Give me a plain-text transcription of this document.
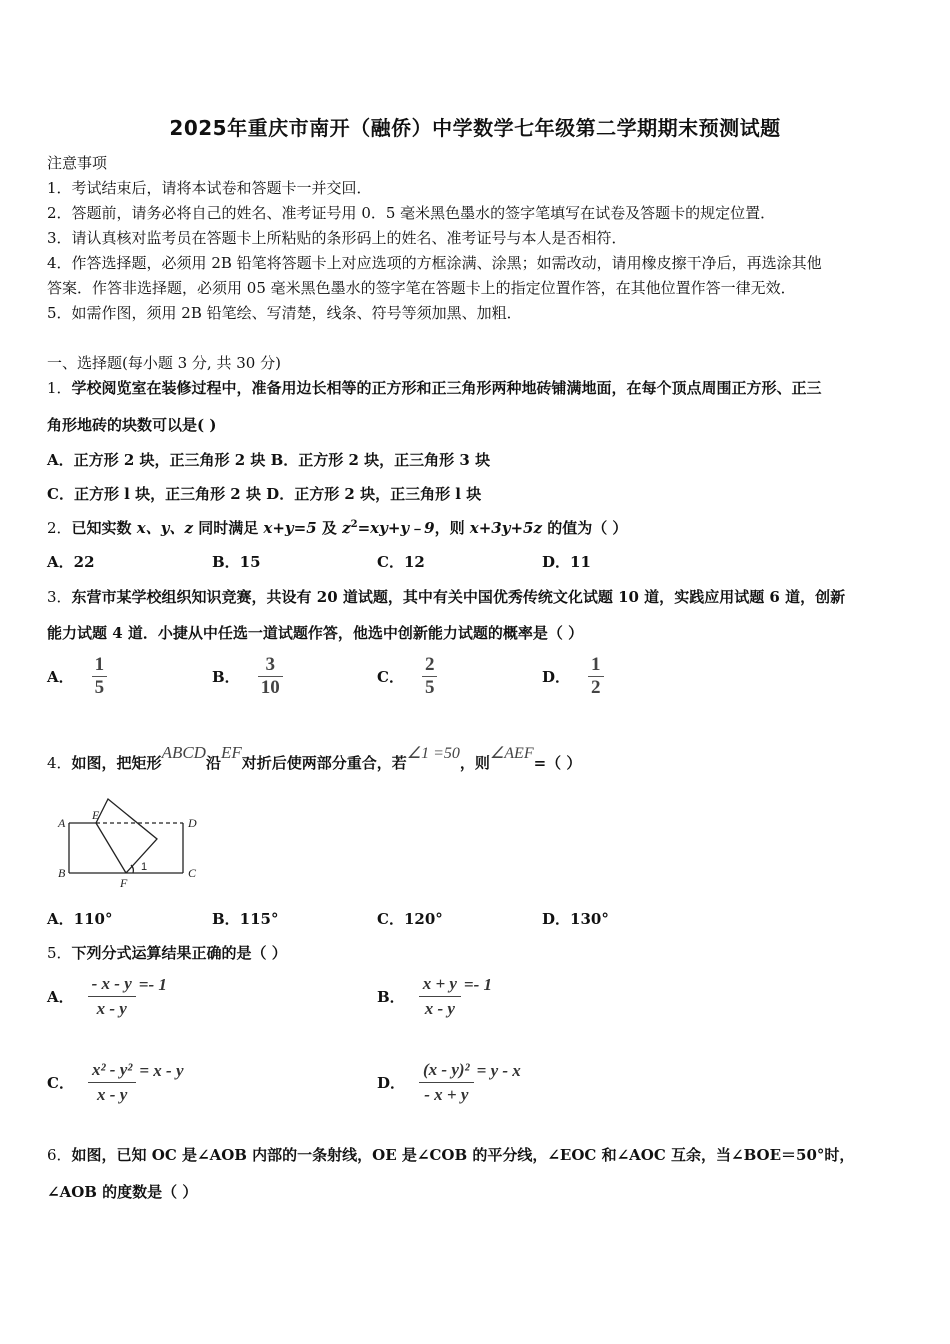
2025年重庆市南开（融侨）中学数学七年级第二学期期末预测试题
注意事项
1．考试结束后，请将本试卷和答题卡一并交回．
2．答题前，请务必将自己的姓名、准考证号用 0．5 毫米黑色墨水的签字笔填写在试卷及答题卡的规定位置．
3．请认真核对监考员在答题卡上所粘贴的条形码上的姓名、准考证号与本人是否相符．
4．作答选择题，必须用 2B 铅笔将答题卡上对应选项的方框涂满、涂黑；如需改动，请用橡皮擦干净后，再选涂其他
答案．作答非选择题，必须用 05 毫米黑色墨水的签字笔在答题卡上的指定位置作答，在其他位置作答一律无效．
5．如需作图，须用 2B 铅笔绘、写清楚，线条、符号等须加黑、加粗．
一、选择题(每小题 3 分, 共 30 分)
1．学校阅览室在装修过程中，准备用边长相等的正方形和正三角形两种地砖铺满地面，在每个顶点周围正方形、正三
角形地砖的块数可以是( )
A．正方形 2 块，正三角形 2 块 B．正方形 2 块，正三角形 3 块
C．正方形 l 块，正三角形 2 块 D．正方形 2 块，正三角形 l 块
2．已知实数 x、y、z 同时满足 x+y=5 及 $z^2=xy+y﹣9$，则 x+3y+5z 的值为（ ）
A．22	B．15	C．12	D．11
3．东营市某学校组织知识竞赛，共设有 20 道试题，其中有关中国优秀传统文化试题 10 道，实践应用试题 6 道，创新
能力试题 4 道．小捷从中任选一道试题作答，他选中创新能力试题的概率是（ ）
A． $\frac{1}{5}$	B． $\frac{3}{10}$	C． $\frac{2}{5}$	D． $\frac{1}{2}$
4．如图，把矩形ABCD沿EF对折后使两部分重合，若∠1 =50，则∠AEF=（ ）
A
B	C
D
E
F
1
A．110°	B．115°	C．120°	D．130°
5．下列分式运算结果正确的是（ ）
A． $\frac{- x - y}{x - y} =- 1$
B． $\frac{x + y}{x - y} =- 1$
C． $\frac{\text{x² - y²}}{x - y} = x - y$
D． $\frac{\text{(x - y)²}}{- x + y} = y - x$
6．如图，已知 OC 是∠AOB 内部的一条射线，OE 是∠COB 的平分线，∠EOC 和∠AOC 互余，当∠BOE＝50°时，
∠AOB 的度数是（ ）
